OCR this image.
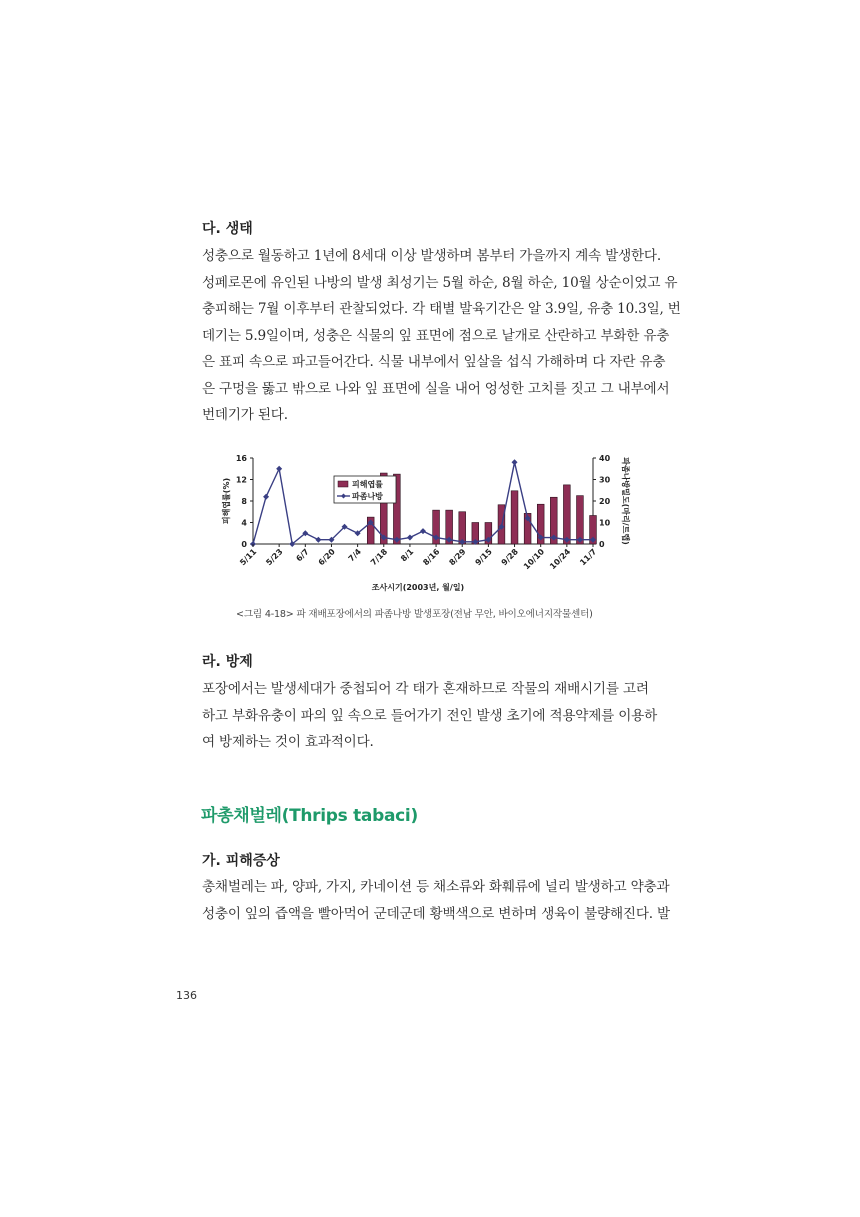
다. 생태
성충으로 월동하고 1년에 8세대 이상 발생하며 봄부터 가을까지 계속 발생한다.
성페로몬에 유인된 나방의 발생 최성기는 5월 하순, 8월 하순, 10월 상순이었고 유
충피해는 7월 이후부터 관찰되었다. 각 태별 발육기간은 알 3.9일, 유충 10.3일, 번
데기는 5.9일이며, 성충은 식물의 잎 표면에 점으로 낱개로 산란하고 부화한 유충
은 표피 속으로 파고들어간다. 식물 내부에서 잎살을 섭식 가해하며 다 자란 유충
은 구멍을 뚫고 밖으로 나와 잎 표면에 실을 내어 엉성한 고치를 짓고 그 내부에서
번데기가 된다.
0
4
8
12
16
0
10
20
30
40
5/11 5/23 6/7 6/20 7/4 7/18 8/1 8/16 8/29 9/15 9/28 10/10 10/24 11/7
조사시기(2003년, 월/일)
피해엽률(%)	파좀나방밀도(마리/트랩)
피해엽률
파좀나방
<그림 4-18> 파 재배포장에서의 파좀나방 발생포장(전남 무안, 바이오에너지작물센터)
라. 방제
포장에서는 발생세대가 중첩되어 각 태가 혼재하므로 작물의 재배시기를 고려
하고 부화유충이 파의 잎 속으로 들어가기 전인 발생 초기에 적용약제를 이용하
여 방제하는 것이 효과적이다.
파총채벌레(Thrips tabaci)
가. 피해증상
총채벌레는 파, 양파, 가지, 카네이션 등 채소류와 화훼류에 널리 발생하고 약충과
성충이 잎의 즙액을 빨아먹어 군데군데 황백색으로 변하며 생육이 불량해진다. 발
136
